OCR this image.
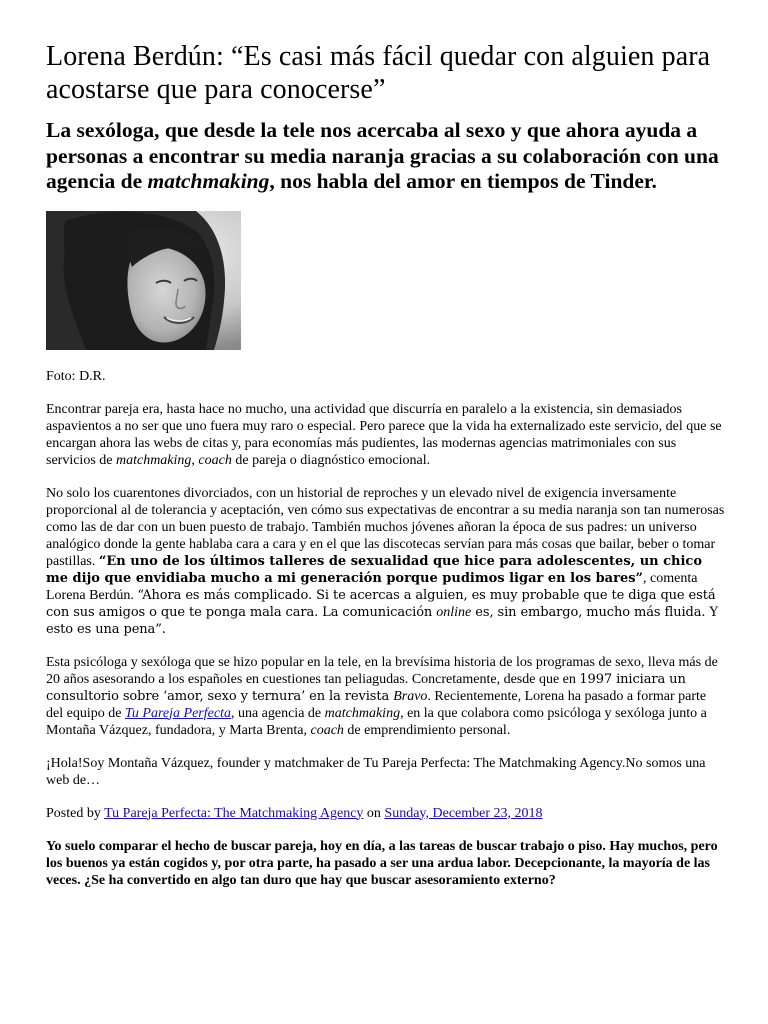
Lorena Berdún: “Es casi más fácil quedar con alguien para acostarse que para conocerse”
La sexóloga, que desde la tele nos acercaba al sexo y que ahora ayuda a personas a encontrar su media naranja gracias a su colaboración con una agencia de matchmaking, nos habla del amor en tiempos de Tinder.
Foto: D.R.

Encontrar pareja era, hasta hace no mucho, una actividad que discurría en paralelo a la existencia, sin demasiados aspavientos a no ser que uno fuera muy raro o especial. Pero parece que la vida ha externalizado este servicio, del que se encargan ahora las webs de citas y, para economías más pudientes, las modernas agencias matrimoniales con sus servicios de matchmaking, coach de pareja o diagnóstico emocional.

No solo los cuarentones divorciados, con un historial de reproches y un elevado nivel de exigencia inversamente proporcional al de tolerancia y aceptación, ven cómo sus expectativas de encontrar a su media naranja son tan numerosas como las de dar con un buen puesto de trabajo. También muchos jóvenes añoran la época de sus padres: un universo analógico donde la gente hablaba cara a cara y en el que las discotecas servían para más cosas que bailar, beber o tomar pastillas. “En uno de los últimos talleres de sexualidad que hice para adolescentes, un chico me dijo que envidiaba mucho a mi generación porque pudimos ligar en los bares”, comenta Lorena Berdún. “Ahora es más complicado. Si te acercas a alguien, es muy probable que te diga que está con sus amigos o que te ponga mala cara. La comunicación online es, sin embargo, mucho más fluida. Y esto es una pena”.

Esta psicóloga y sexóloga que se hizo popular en la tele, en la brevísima historia de los programas de sexo, lleva más de 20 años asesorando a los españoles en cuestiones tan peliagudas. Concretamente, desde que en 1997 iniciara un consultorio sobre ‘amor, sexo y ternura’ en la revista Bravo. Recientemente, Lorena ha pasado a formar parte del equipo de Tu Pareja Perfecta, una agencia de matchmaking, en la que colabora como psicóloga y sexóloga junto a Montaña Vázquez, fundadora, y Marta Brenta, coach de emprendimiento personal.

¡Hola!Soy Montaña Vázquez, founder y matchmaker de Tu Pareja Perfecta: The Matchmaking Agency.No somos una web de…

Posted by Tu Pareja Perfecta: The Matchmaking Agency on Sunday, December 23, 2018

Yo suelo comparar el hecho de buscar pareja, hoy en día, a las tareas de buscar trabajo o piso. Hay muchos, pero los buenos ya están cogidos y, por otra parte, ha pasado a ser una ardua labor. Decepcionante, la mayoría de las veces. ¿Se ha convertido en algo tan duro que hay que buscar asesoramiento externo?
